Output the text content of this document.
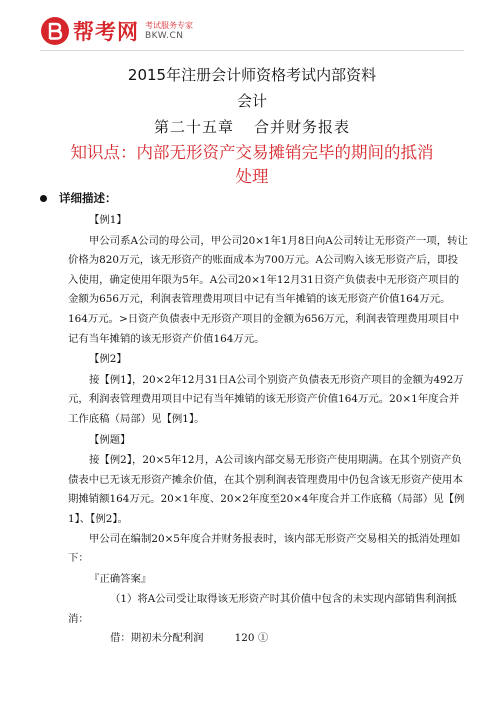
帮考网 考试服务专家
BKW.CN
2015年注册会计师资格考试内部资料
会计
第二十五章 合并财务报表
知识点：内部无形资产交易摊销完毕的期间的抵消
处理
详细描述：

【例1】

甲公司系A公司的母公司，甲公司20×1年1月8日向A公司转让无形资产一项，转让价格为820万元，该无形资产的账面成本为700万元。A公司购入该无形资产后，即投入使用，确定使用年限为5年。A公司20×1年12月31日资产负债表中无形资产项目的金额为656万元，利润表管理费用项目中记有当年摊销的该无形资产价值164万元。164万元。>日资产负债表中无形资产项目的金额为656万元，利润表管理费用项目中记有当年摊销的该无形资产价值164万元。

【例2】

接【例1】，20×2年12月31日A公司个别资产负债表无形资产项目的金额为492万元，利润表管理费用项目中记有当年摊销的该无形资产价值164万元。20×1年度合并工作底稿（局部）见【例1】。

【例题】

接【例2】，20×5年12月，A公司该内部交易无形资产使用期满。在其个别资产负债表中已无该无形资产摊余价值，在其个别利润表管理费用中仍包含该无形资产使用本期摊销额164万元。20×1年度、20×2年度至20×4年度合并工作底稿（局部）见【例1】、【例2】。

甲公司在编制20×5年度合并财务报表时，该内部无形资产交易相关的抵消处理如下：

『正确答案』

（1）将A公司受让取得该无形资产时其价值中包含的未实现内部销售利润抵消：

借：期初未分配利润　　　120 ①
